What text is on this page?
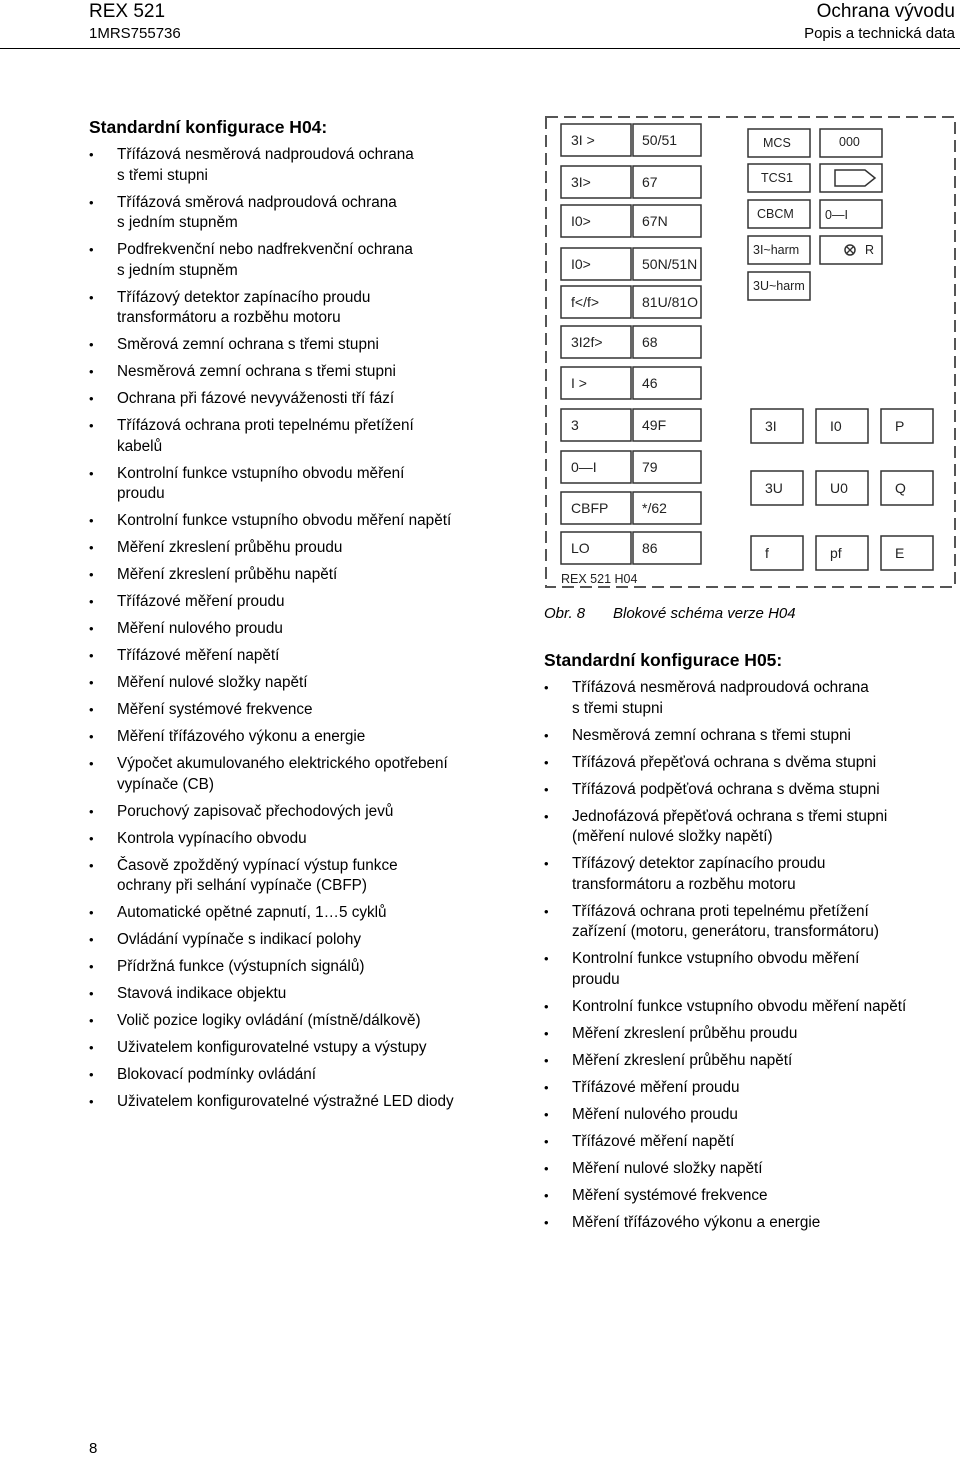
REX 521
1MRS755736
Ochrana vývodu
Popis a technická data
Standardní konfigurace H04:
• Třífázová nesměrová nadproudová ochrana
s třemi stupni
• Třífázová směrová nadproudová ochrana
s jedním stupněm
• Podfrekvenční nebo nadfrekvenční ochrana
s jedním stupněm
• Třífázový detektor zapínacího proudu
transformátoru a rozběhu motoru
• Směrová zemní ochrana s třemi stupni
• Nesměrová zemní ochrana s třemi stupni
• Ochrana při fázové nevyváženosti tří fází
• Třífázová ochrana proti tepelnému přetížení
kabelů
• Kontrolní funkce vstupního obvodu měření
proudu
• Kontrolní funkce vstupního obvodu měření napětí
• Měření zkreslení průběhu proudu
• Měření zkreslení průběhu napětí
• Třífázové měření proudu
• Měření nulového proudu
• Třífázové měření napětí
• Měření nulové složky napětí
• Měření systémové frekvence
• Měření třífázového výkonu a energie
• Výpočet akumulovaného elektrického opotřebení
vypínače (CB)
• Poruchový zapisovač přechodových jevů
• Kontrola vypínacího obvodu
• Časově zpožděný vypínací výstup funkce
ochrany při selhání vypínače (CBFP)
• Automatické opětné zapnutí, 1…5 cyklů
• Ovládání vypínače s indikací polohy
• Přídržná funkce (výstupních signálů)
• Stavová indikace objektu
• Volič pozice logiky ovládání (místně/dálkově)
• Uživatelem konfigurovatelné vstupy a výstupy
• Blokovací podmínky ovládání
• Uživatelem konfigurovatelné výstražné LED diody
3I >	50/51
3I>	67
I0>	67N
I0>	50N/51N
f</f>	81U/81O
3I2f>	68
I >	46
3	49F
0—I	79
CBFP */62
LO	86
MCS	000
TCS1
CBCM 0—I
3I~harm	R
3U~harm
3I	I0	P
3U	U0	Q
f	pf	E
REX 521 H04
Obr. 8 Blokové schéma verze H04
Standardní konfigurace H05:
• Třífázová nesměrová nadproudová ochrana
s třemi stupni
• Nesměrová zemní ochrana s třemi stupni
• Třífázová přepěťová ochrana s dvěma stupni
• Třífázová podpěťová ochrana s dvěma stupni
• Jednofázová přepěťová ochrana s třemi stupni
(měření nulové složky napětí)
• Třífázový detektor zapínacího proudu
transformátoru a rozběhu motoru
• Třífázová ochrana proti tepelnému přetížení
zařízení (motoru, generátoru, transformátoru)
• Kontrolní funkce vstupního obvodu měření
proudu
• Kontrolní funkce vstupního obvodu měření napětí
• Měření zkreslení průběhu proudu
• Měření zkreslení průběhu napětí
• Třífázové měření proudu
• Měření nulového proudu
• Třífázové měření napětí
• Měření nulové složky napětí
• Měření systémové frekvence
• Měření třífázového výkonu a energie
8
